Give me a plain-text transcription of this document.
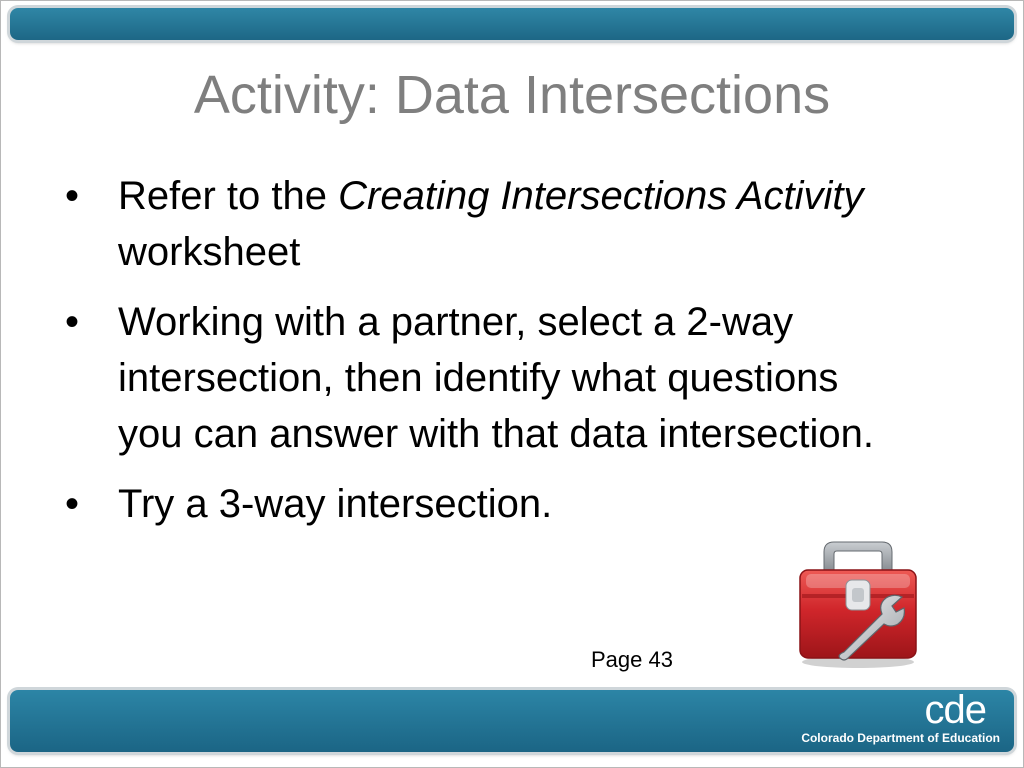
Activity: Data Intersections
• Refer to the Creating Intersections Activity worksheet
• Working with a partner, select a 2-way intersection, then identify what questions you can answer with that data intersection.
• Try a 3-way intersection.
Page 43
cde
Colorado Department of Education
